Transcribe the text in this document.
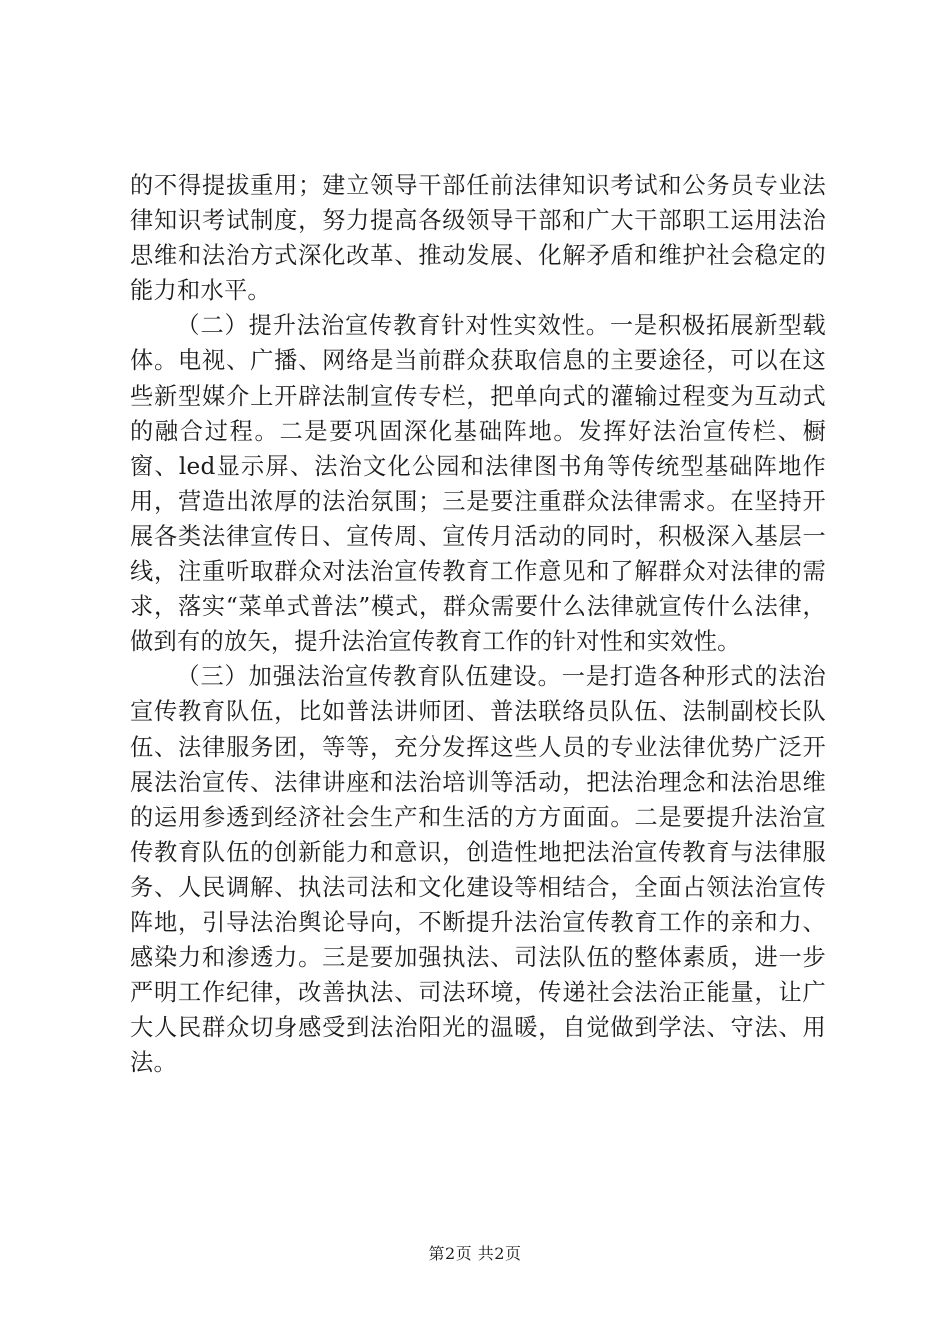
的不得提拔重用；建立领导干部任前法律知识考试和公务员专业法律知识考试制度，努力提高各级领导干部和广大干部职工运用法治思维和法治方式深化改革、推动发展、化解矛盾和维护社会稳定的能力和水平。

（二）提升法治宣传教育针对性实效性。一是积极拓展新型载体。电视、广播、网络是当前群众获取信息的主要途径，可以在这些新型媒介上开辟法制宣传专栏，把单向式的灌输过程变为互动式的融合过程。二是要巩固深化基础阵地。发挥好法治宣传栏、橱窗、led显示屏、法治文化公园和法律图书角等传统型基础阵地作用，营造出浓厚的法治氛围；三是要注重群众法律需求。在坚持开展各类法律宣传日、宣传周、宣传月活动的同时，积极深入基层一线，注重听取群众对法治宣传教育工作意见和了解群众对法律的需求，落实“菜单式普法”模式，群众需要什么法律就宣传什么法律，做到有的放矢，提升法治宣传教育工作的针对性和实效性。

（三）加强法治宣传教育队伍建设。一是打造各种形式的法治宣传教育队伍，比如普法讲师团、普法联络员队伍、法制副校长队伍、法律服务团，等等，充分发挥这些人员的专业法律优势广泛开展法治宣传、法律讲座和法治培训等活动，把法治理念和法治思维的运用参透到经济社会生产和生活的方方面面。二是要提升法治宣传教育队伍的创新能力和意识，创造性地把法治宣传教育与法律服务、人民调解、执法司法和文化建设等相结合，全面占领法治宣传阵地，引导法治舆论导向，不断提升法治宣传教育工作的亲和力、感染力和渗透力。三是要加强执法、司法队伍的整体素质，进一步严明工作纪律，改善执法、司法环境，传递社会法治正能量，让广大人民群众切身感受到法治阳光的温暖，自觉做到学法、守法、用法。

第2页 共2页
